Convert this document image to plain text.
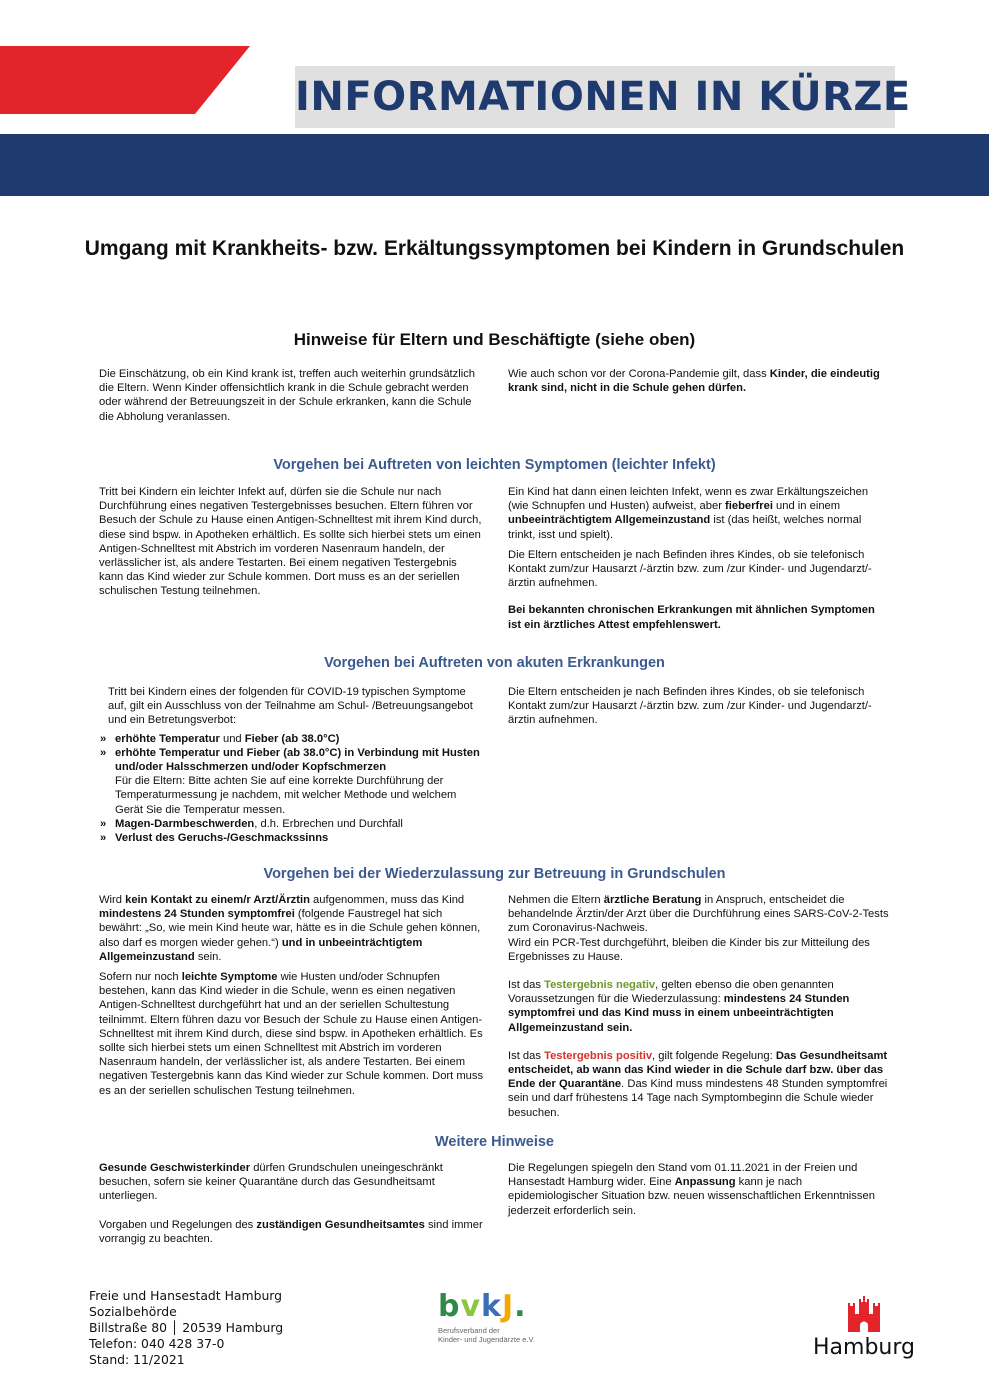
INFORMATIONEN IN KÜRZE
Umgang mit Krankheits- bzw. Erkältungssymptomen bei Kindern in Grundschulen
Hinweise für Eltern und Beschäftigte (siehe oben)

Die Einschätzung, ob ein Kind krank ist, treffen auch weiterhin grundsätzlich die Eltern. Wenn Kinder offensichtlich krank in die Schule gebracht werden oder während der Betreuungszeit in der Schule erkranken, kann die Schule die Abholung veranlassen.

Wie auch schon vor der Corona-Pandemie gilt, dass Kinder, die eindeutig krank sind, nicht in die Schule gehen dürfen.

Vorgehen bei Auftreten von leichten Symptomen (leichter Infekt)

Tritt bei Kindern ein leichter Infekt auf, dürfen sie die Schule nur nach Durchführung eines negativen Testergebnisses besuchen. Eltern führen vor Besuch der Schule zu Hause einen Antigen-Schnelltest mit ihrem Kind durch, diese sind bspw. in Apotheken erhältlich. Es sollte sich hierbei stets um einen Antigen-Schnelltest mit Abstrich im vorderen Nasenraum handeln, der verlässlicher ist, als andere Testarten. Bei einem negativen Testergebnis kann das Kind wieder zur Schule kommen. Dort muss es an der seriellen schulischen Testung teilnehmen.

Ein Kind hat dann einen leichten Infekt, wenn es zwar Erkältungszeichen (wie Schnupfen und Husten) aufweist, aber fieberfrei und in einem unbeeinträchtigtem Allgemeinzustand ist (das heißt, welches normal trinkt, isst und spielt).

Die Eltern entscheiden je nach Befinden ihres Kindes, ob sie telefonisch Kontakt zum/zur Hausarzt /-ärztin bzw. zum /zur Kinder- und Jugendarzt/-ärztin aufnehmen.

Bei bekannten chronischen Erkrankungen mit ähnlichen Symptomen ist ein ärztliches Attest empfehlenswert.

Vorgehen bei Auftreten von akuten Erkrankungen

Tritt bei Kindern eines der folgenden für COVID-19 typischen Symptome auf, gilt ein Ausschluss von der Teilnahme am Schul- /Betreuungsangebot und ein Betretungsverbot:

» erhöhte Temperatur und Fieber (ab 38.0°C)
» erhöhte Temperatur und Fieber (ab 38.0°C) in Verbindung mit Husten und/oder Halsschmerzen und/oder Kopfschmerzen
Für die Eltern: Bitte achten Sie auf eine korrekte Durchführung der Temperaturmessung je nachdem, mit welcher Methode und welchem Gerät Sie die Temperatur messen.
» Magen-Darmbeschwerden, d.h. Erbrechen und Durchfall
» Verlust des Geruchs-/Geschmackssinns

Die Eltern entscheiden je nach Befinden ihres Kindes, ob sie telefonisch Kontakt zum/zur Hausarzt /-ärztin bzw. zum /zur Kinder- und Jugendarzt/-ärztin aufnehmen.

Vorgehen bei der Wiederzulassung zur Betreuung in Grundschulen

Wird kein Kontakt zu einem/r Arzt/Ärztin aufgenommen, muss das Kind mindestens 24 Stunden symptomfrei (folgende Faustregel hat sich bewährt: „So, wie mein Kind heute war, hätte es in die Schule gehen können, also darf es morgen wieder gehen.“) und in unbeeinträchtigtem Allgemeinzustand sein.

Sofern nur noch leichte Symptome wie Husten und/oder Schnupfen bestehen, kann das Kind wieder in die Schule, wenn es einen negativen Antigen-Schnelltest durchgeführt hat und an der seriellen Schultestung teilnimmt. Eltern führen dazu vor Besuch der Schule zu Hause einen Antigen-Schnelltest mit ihrem Kind durch, diese sind bspw. in Apotheken erhältlich. Es sollte sich hierbei stets um einen Schnelltest mit Abstrich im vorderen Nasenraum handeln, der verlässlicher ist, als andere Testarten. Bei einem negativen Testergebnis kann das Kind wieder zur Schule kommen. Dort muss es an der seriellen schulischen Testung teilnehmen.

Nehmen die Eltern ärztliche Beratung in Anspruch, entscheidet die behandelnde Ärztin/der Arzt über die Durchführung eines SARS-CoV-2-Tests zum Coronavirus-Nachweis.

Wird ein PCR-Test durchgeführt, bleiben die Kinder bis zur Mitteilung des Ergebnisses zu Hause.

Ist das Testergebnis negativ, gelten ebenso die oben genannten Voraussetzungen für die Wiederzulassung: mindestens 24 Stunden symptomfrei und das Kind muss in einem unbeeinträchtigten Allgemeinzustand sein.

Ist das Testergebnis positiv, gilt folgende Regelung: Das Gesundheitsamt entscheidet, ab wann das Kind wieder in die Schule darf bzw. über das Ende der Quarantäne. Das Kind muss mindestens 48 Stunden symptomfrei sein und darf frühestens 14 Tage nach Symptombeginn die Schule wieder besuchen.

Weitere Hinweise

Gesunde Geschwisterkinder dürfen Grundschulen uneingeschränkt besuchen, sofern sie keiner Quarantäne durch das Gesundheitsamt unterliegen.

Vorgaben und Regelungen des zuständigen Gesundheitsamtes sind immer vorrangig zu beachten.

Die Regelungen spiegeln den Stand vom 01.11.2021 in der Freien und Hansestadt Hamburg wider. Eine Anpassung kann je nach epidemiologischer Situation bzw. neuen wissenschaftlichen Erkenntnissen jederzeit erforderlich sein.

Freie und Hansestadt Hamburg
Sozialbehörde
Billstraße 80 │ 20539 Hamburg
Telefon: 040 428 37-0
Stand: 11/2021
bvkJ.
Berufsverband der
Kinder- und Jugendärzte e.V.	Hamburg
